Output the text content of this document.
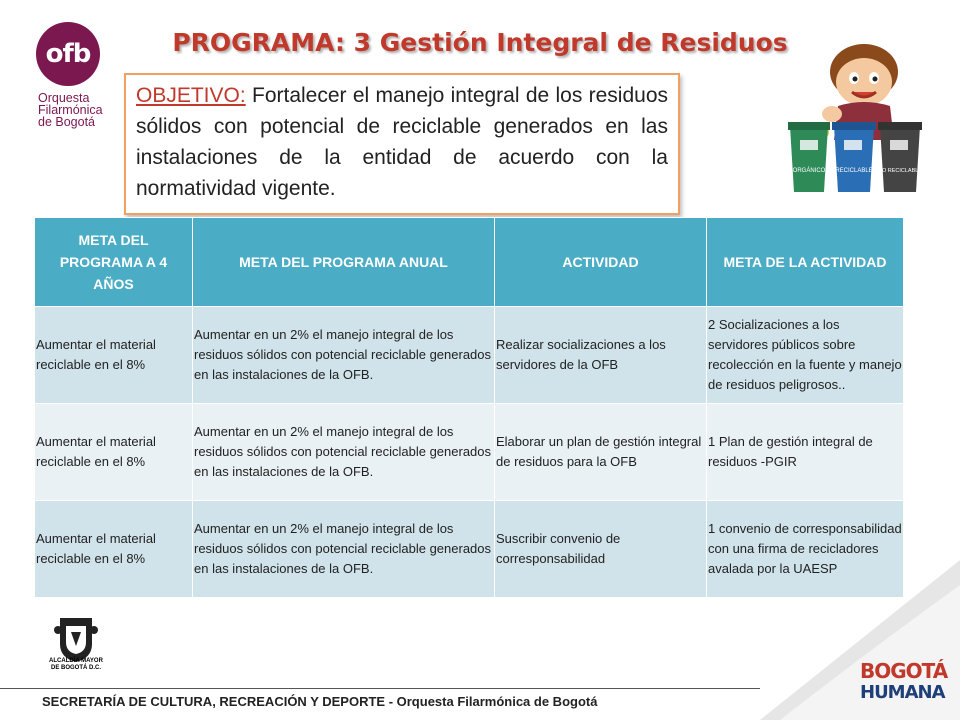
ofb
Orquesta
Filarmónica
de Bogotá
PROGRAMA: 3 Gestión Integral de Residuos
OBJETIVO: Fortalecer el manejo integral de los residuos sólidos con potencial de reciclable generados en las instalaciones de la entidad de acuerdo con la normatividad vigente.
ORGÁNICO RECICLABLE NO RECICLABLE
META DEL PROGRAMA A 4 AÑOS	META DEL PROGRAMA ANUAL	ACTIVIDAD	META DE LA ACTIVIDAD
Aumentar el material reciclable en el 8%	Aumentar en un 2% el manejo integral de los residuos sólidos con potencial reciclable generados en las instalaciones de la OFB.	Realizar socializaciones a los servidores de la OFB	2 Socializaciones a los servidores públicos sobre recolección en la fuente y manejo de residuos peligrosos..
Aumentar el material reciclable en el 8%	Aumentar en un 2% el manejo integral de los residuos sólidos con potencial reciclable generados en las instalaciones de la OFB.	Elaborar un plan de gestión integral de residuos para la OFB	1 Plan de gestión integral de residuos -PGIR
Aumentar el material reciclable en el 8%	Aumentar en un 2% el manejo integral de los residuos sólidos con potencial reciclable generados en las instalaciones de la OFB.	Suscribir convenio de corresponsabilidad	1 convenio de corresponsabilidad con una firma de recicladores avalada por la UAESP
ALCALDÍA MAYOR
DE BOGOTÁ D.C.	BOGOTÁ
HUMANA
SECRETARÍA DE CULTURA, RECREACIÓN Y DEPORTE - Orquesta Filarmónica de Bogotá
